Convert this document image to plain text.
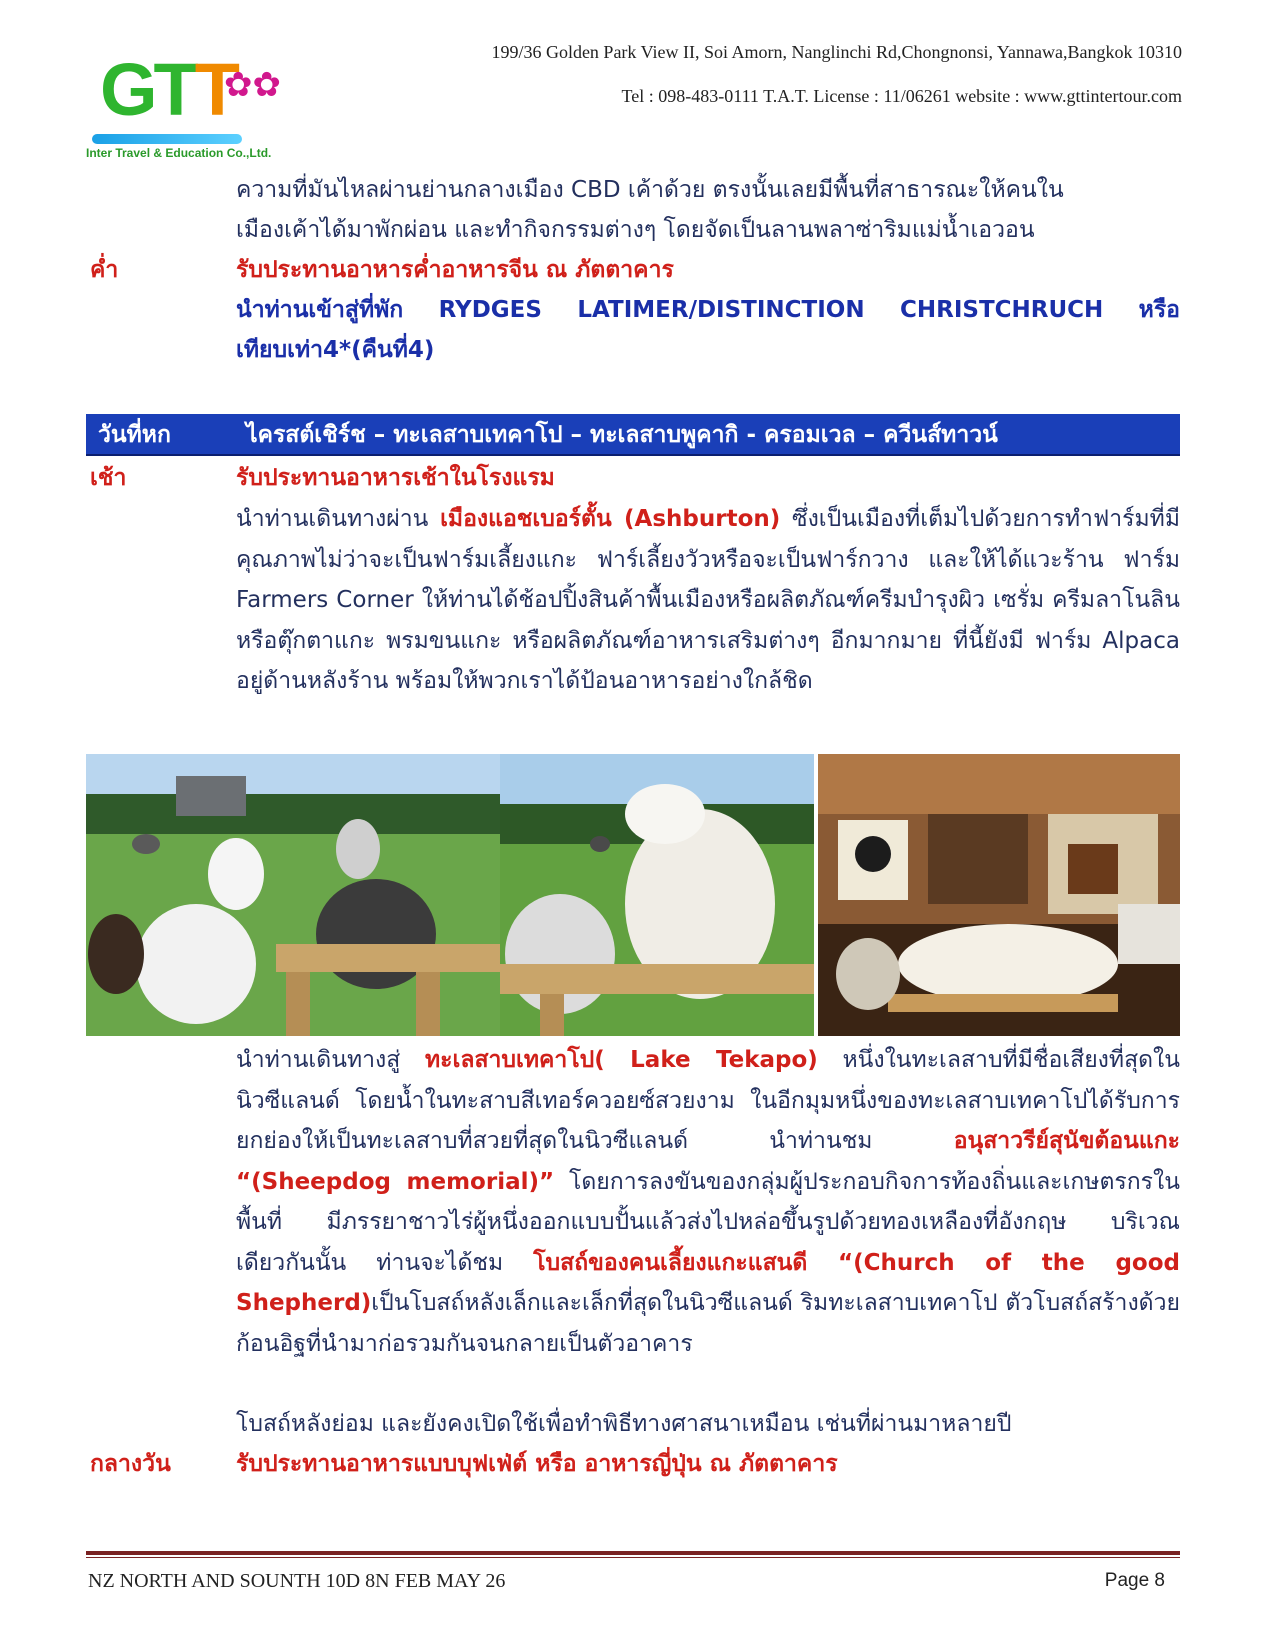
GTT
✿✿
Inter Travel & Education Co.,Ltd.
199/36 Golden Park View II, Soi Amorn, Nanglinchi Rd,Chongnonsi, Yannawa,Bangkok 10310
Tel : 098-483-0111 T.A.T. License : 11/06261 website : www.gttintertour.com
ความที่มันไหลผ่านย่านกลางเมือง CBD เค้าด้วย ตรงนั้นเลยมีพื้นที่สาธารณะให้คนใน
เมืองเค้าได้มาพักผ่อน และทำกิจกรรมต่างๆ โดยจัดเป็นลานพลาซ่าริมแม่น้ำเอวอน
ค่ำ	รับประทานอาหารค่ำอาหารจีน ณ ภัตตาคาร
นำท่านเข้าสู่ที่พัก RYDGES LATIMER/DISTINCTION CHRISTCHRUCH หรือ
เทียบเท่า4*(คืนที่4)
วันที่หก	ไครสต์เชิร์ช – ทะเลสาบเทคาโป – ทะเลสาบพูคากิ - ครอมเวล – ควีนส์ทาวน์
เช้า	รับประทานอาหารเช้าในโรงแรม
นำท่านเดินทางผ่าน เมืองแอชเบอร์ตั้น (Ashburton) ซึ่งเป็นเมืองที่เต็มไปด้วยการทำฟาร์มที่มีคุณภาพไม่ว่าจะเป็นฟาร์มเลี้ยงแกะ ฟาร์เลี้ยงวัวหรือจะเป็นฟาร์กวาง และให้ได้แวะร้าน ฟาร์ม Farmers Corner ให้ท่านได้ช้อปปิ้งสินค้าพื้นเมืองหรือผลิตภัณฑ์ครีมบำรุงผิว เซรั่ม ครีมลาโนลิน หรือตุ๊กตาแกะ พรมขนแกะ หรือผลิตภัณฑ์อาหารเสริมต่างๆ อีกมากมาย ที่นี้ยังมี ฟาร์ม Alpaca อยู่ด้านหลังร้าน พร้อมให้พวกเราได้ป้อนอาหารอย่างใกล้ชิด
นำท่านเดินทางสู่ ทะเลสาบเทคาโป( Lake Tekapo) หนึ่งในทะเลสาบที่มีชื่อเสียงที่สุดในนิวซีแลนด์ โดยน้ำในทะสาบสีเทอร์ควอยซ์สวยงาม ในอีกมุมหนึ่งของทะเลสาบเทคาโปได้รับการยกย่องให้เป็นทะเลสาบที่สวยที่สุดในนิวซีแลนด์ นำท่านชม อนุสาวรีย์สุนัขต้อนแกะ “(Sheepdog memorial)” โดยการลงขันของกลุ่มผู้ประกอบกิจการท้องถิ่นและเกษตรกรในพื้นที่ มีภรรยาชาวไร่ผู้หนึ่งออกแบบปั้นแล้วส่งไปหล่อขึ้นรูปด้วยทองเหลืองที่อังกฤษ บริเวณเดียวกันนั้น ท่านจะได้ชม โบสถ์ของคนเลี้ยงแกะแสนดี “(Church of the good Shepherd)เป็นโบสถ์หลังเล็กและเล็กที่สุดในนิวซีแลนด์ ริมทะเลสาบเทคาโป ตัวโบสถ์สร้างด้วยก้อนอิฐที่นำมาก่อรวมกันจนกลายเป็นตัวอาคาร
โบสถ์หลังย่อม และยังคงเปิดใช้เพื่อทำพิธีทางศาสนาเหมือน เช่นที่ผ่านมาหลายปี
กลางวัน	รับประทานอาหารแบบบุฟเฟ่ต์ หรือ อาหารญี่ปุ่น ณ ภัตตาคาร
NZ NORTH AND SOUNTH 10D 8N FEB MAY 26	Page 8
